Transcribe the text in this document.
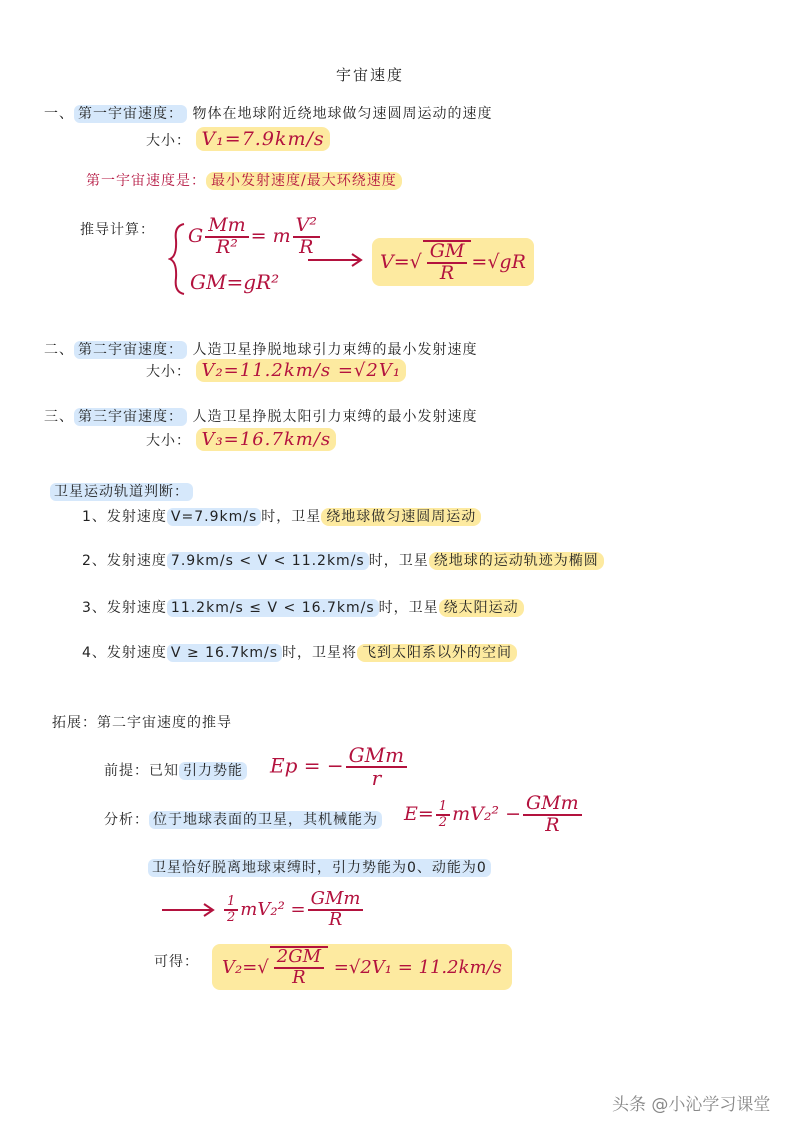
宇宙速度
一、 第一宇宙速度： 物体在地球附近绕地球做匀速圆周运动的速度
大小： V₁=7.9km/s
第一宇宙速度是： 最小发射速度/最大环绕速度
推导计算： G $\frac{Mm}{\text{R²}} = m \frac{\text{V²}}{R}$
GM=gR²
$V=√ \frac{GM}{R} =√gR$
二、 第二宇宙速度： 人造卫星挣脱地球引力束缚的最小发射速度
大小： V₂=11.2km/s =√2V₁
三、 第三宇宙速度： 人造卫星挣脱太阳引力束缚的最小发射速度
大小： V₃=16.7km/s
卫星运动轨道判断：
1、发射速度 V=7.9km/s 时，卫星 绕地球做匀速圆周运动
2、发射速度 7.9km/s < V < 11.2km/s 时，卫星 绕地球的运动轨迹为椭圆
3、发射速度 11.2km/s ≤ V < 16.7km/s 时，卫星 绕太阳运动
4、发射速度 V ≥ 16.7km/s 时，卫星将 飞到太阳系以外的空间
拓展：第二宇宙速度的推导
前提：已知 引力势能 Ep = − $\frac{\text{GMm}}{r}$
分析： 位于地球表面的卫星，其机械能为 $E= \frac{1}{2} mV_2^2 - \frac{\text{GMm}}{R}$
卫星恰好脱离地球束缚时，引力势能为0、动能为0
$\frac{1}{2} mV_2^2 = \frac{\text{GMm}}{R}$
可得：	$V_2=√ \frac{2GM}{R} =√2V_1 = 11.2km/s$
头条 @小沁学习课堂
